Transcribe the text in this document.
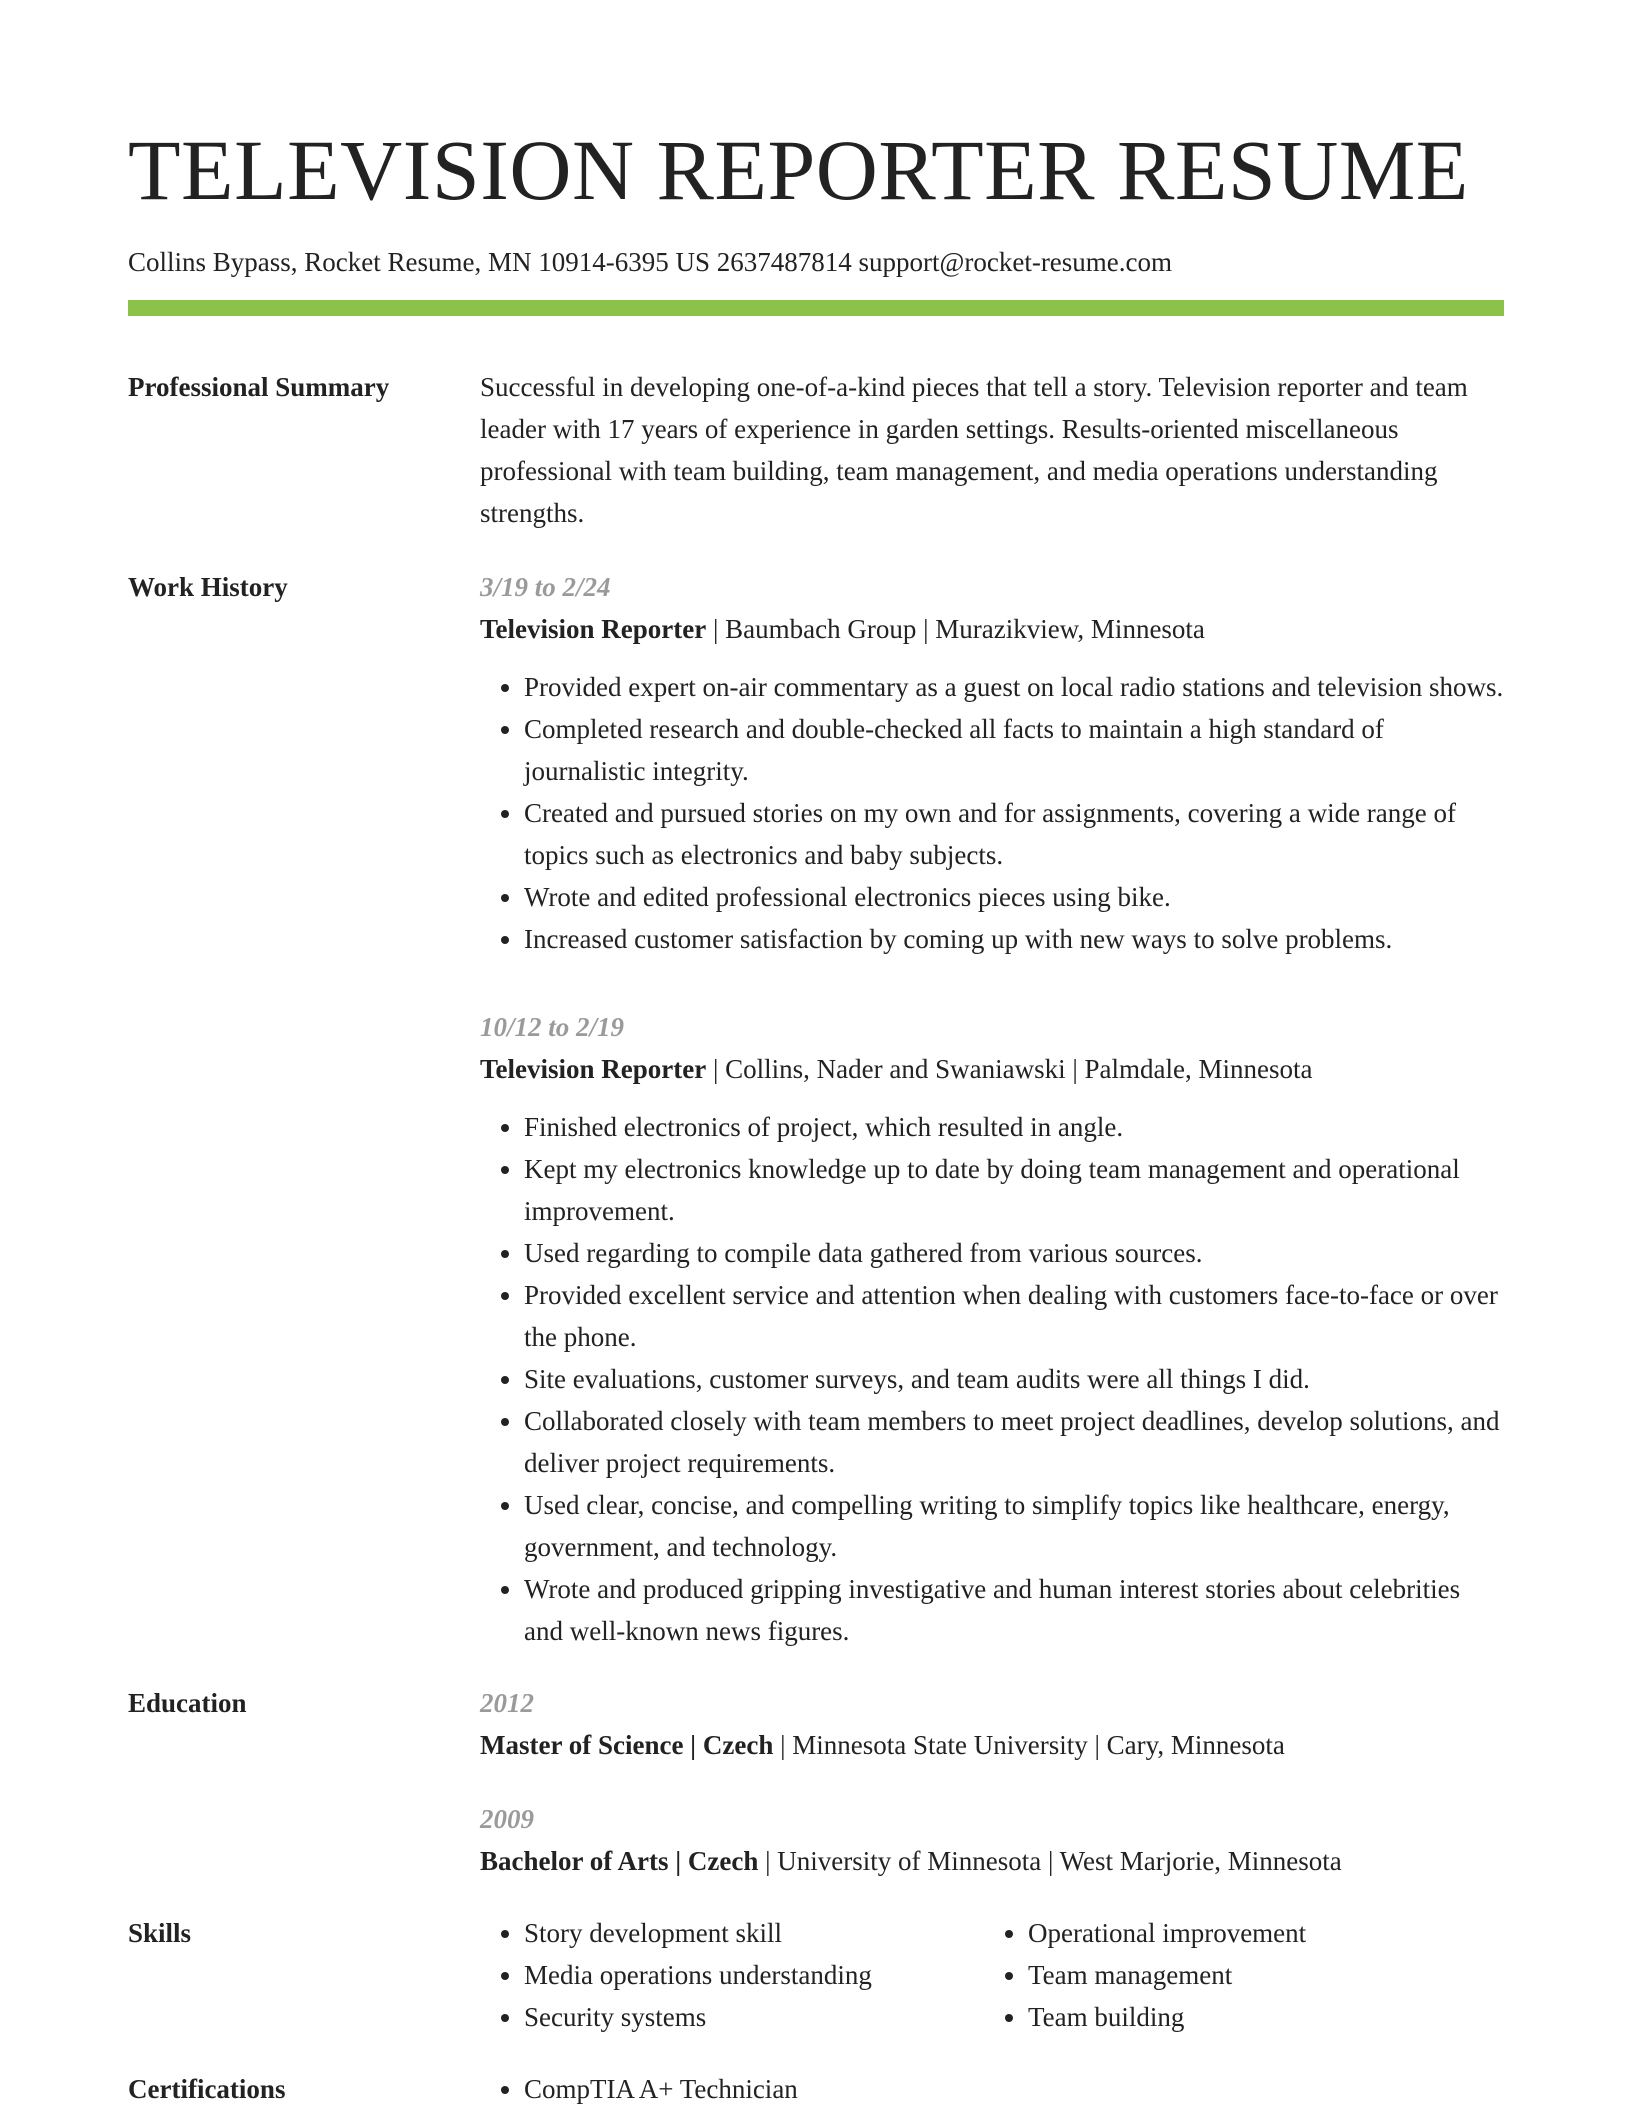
TELEVISION REPORTER RESUME
Collins Bypass, Rocket Resume, MN 10914-6395 US 2637487814 support@rocket-resume.com
Professional Summary	Successful in developing one-of-a-kind pieces that tell a story. Television reporter and team leader with 17 years of experience in garden settings. Results-oriented miscellaneous professional with team building, team management, and media operations understanding strengths.

Work History	3/19 to 2/24
Television Reporter | Baumbach Group | Murazikview, Minnesota
• Provided expert on-air commentary as a guest on local radio stations and television shows.
• Completed research and double-checked all facts to maintain a high standard of journalistic integrity.
• Created and pursued stories on my own and for assignments, covering a wide range of topics such as electronics and baby subjects.
• Wrote and edited professional electronics pieces using bike.
• Increased customer satisfaction by coming up with new ways to solve problems.
10/12 to 2/19
Television Reporter | Collins, Nader and Swaniawski | Palmdale, Minnesota
• Finished electronics of project, which resulted in angle.
• Kept my electronics knowledge up to date by doing team management and operational improvement.
• Used regarding to compile data gathered from various sources.
• Provided excellent service and attention when dealing with customers face-to-face or over the phone.
• Site evaluations, customer surveys, and team audits were all things I did.
• Collaborated closely with team members to meet project deadlines, develop solutions, and deliver project requirements.
• Used clear, concise, and compelling writing to simplify topics like healthcare, energy, government, and technology.
• Wrote and produced gripping investigative and human interest stories about celebrities and well-known news figures.
Education	2012
Master of Science | Czech | Minnesota State University | Cary, Minnesota
2009
Bachelor of Arts | Czech | University of Minnesota | West Marjorie, Minnesota
Skills	• Story development skill
• Media operations understanding
• Security systems
• Operational improvement
• Team management
• Team building
Certifications	• CompTIA A+ Technician
